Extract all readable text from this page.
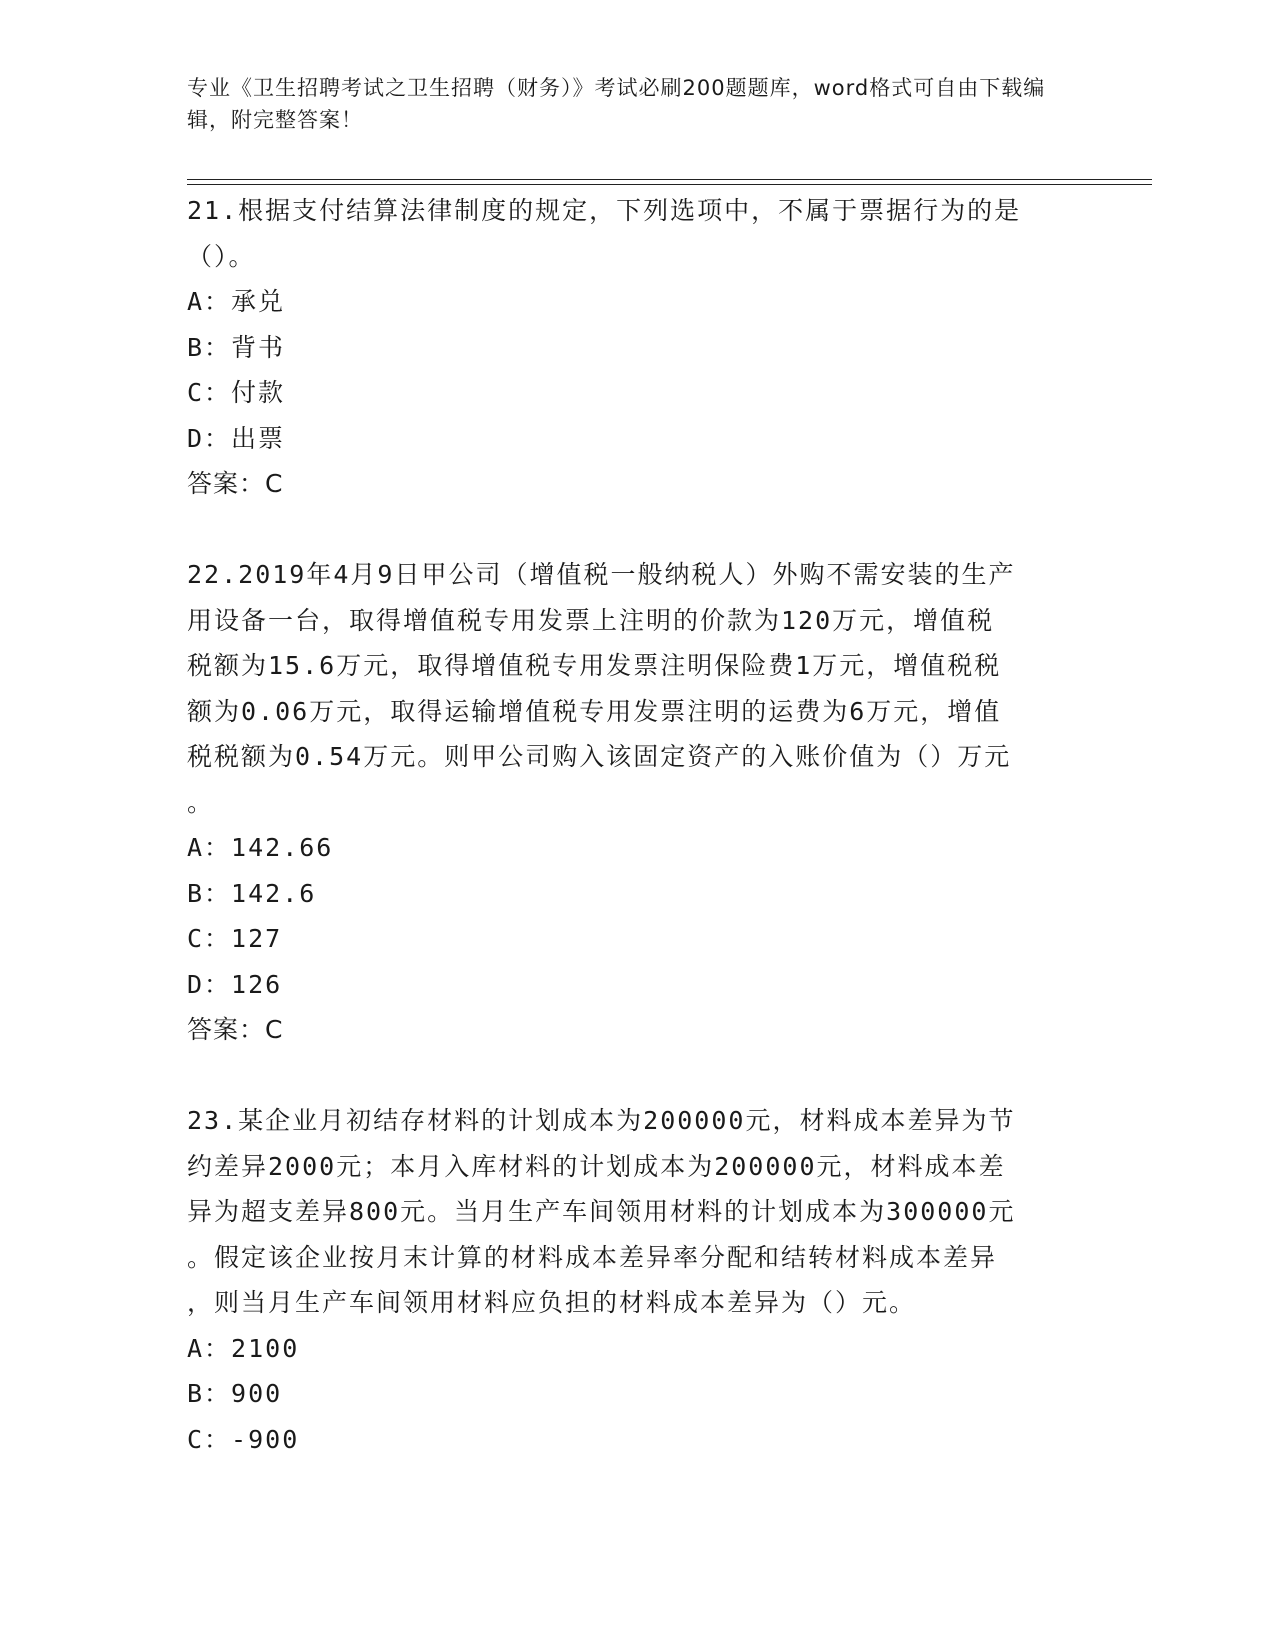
专业《卫生招聘考试之卫生招聘（财务）》考试必刷200题题库，word格式可自由下载编辑，附完整答案！

21.根据支付结算法律制度的规定，下列选项中，不属于票据行为的是

（）。

A：承兑

B：背书

C：付款

D：出票

答案：C

22.2019年4月9日甲公司（增值税一般纳税人）外购不需安装的生产

用设备一台，取得增值税专用发票上注明的价款为120万元，增值税

税额为15.6万元，取得增值税专用发票注明保险费1万元，增值税税

额为0.06万元，取得运输增值税专用发票注明的运费为6万元，增值

税税额为0.54万元。则甲公司购入该固定资产的入账价值为（）万元

。

A：142.66

B：142.6

C：127

D：126

答案：C

23.某企业月初结存材料的计划成本为200000元，材料成本差异为节

约差异2000元；本月入库材料的计划成本为200000元，材料成本差

异为超支差异800元。当月生产车间领用材料的计划成本为300000元

。假定该企业按月末计算的材料成本差异率分配和结转材料成本差异

，则当月生产车间领用材料应负担的材料成本差异为（）元。

A：2100

B：900

C：-900
